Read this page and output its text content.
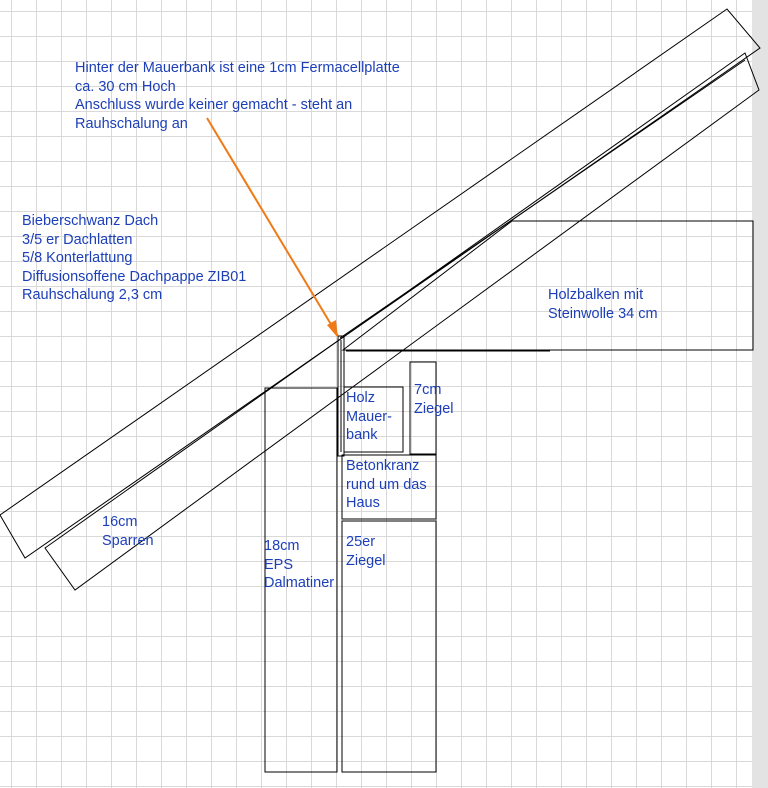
Hinter der Mauerbank ist eine 1cm Fermacellplatte
ca. 30 cm Hoch
Anschluss wurde keiner gemacht - steht an
Rauhschalung an
Bieberschwanz Dach
3/5 er Dachlatten
5/8 Konterlattung
Diffusionsoffene Dachpappe ZIB01
Rauhschalung 2,3 cm	Holzbalken mit
Steinwolle 34 cm
Holz
Mauer-
bank
7cm
Ziegel
Betonkranz
rund um das
Haus
16cm
Sparren	18cm
EPS
Dalmatiner
25er
Ziegel
